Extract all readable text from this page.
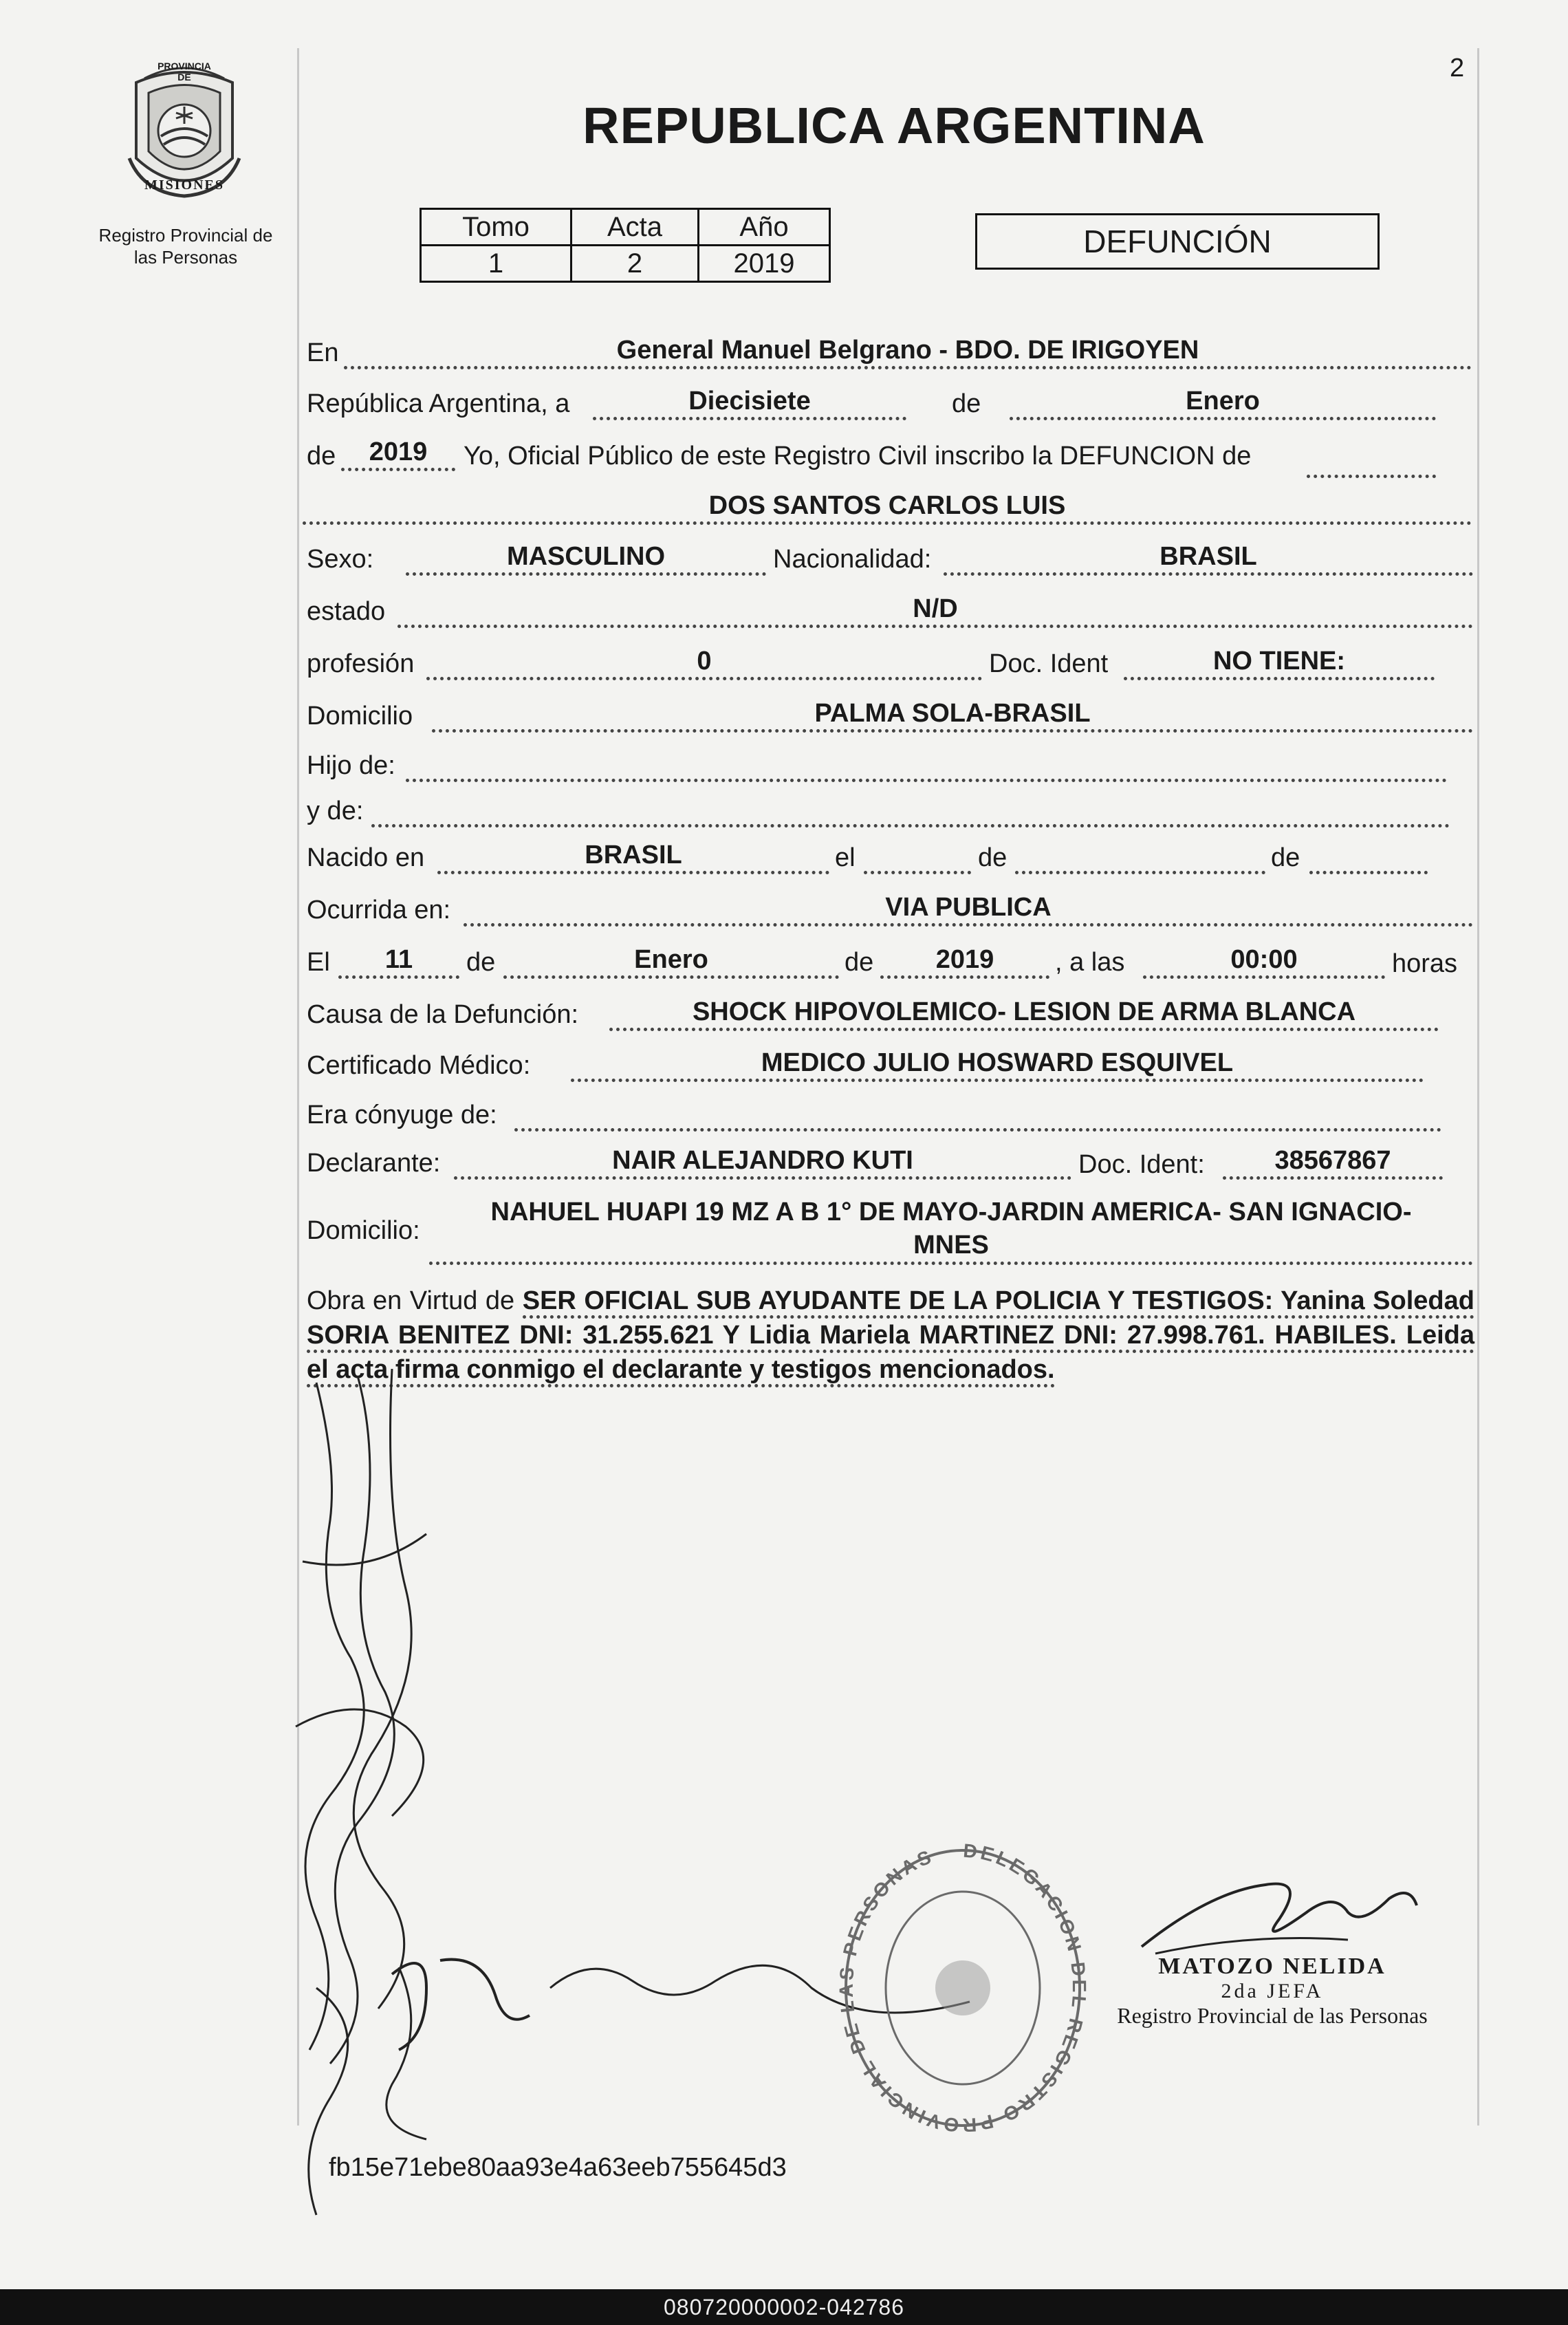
2
PROVINCIA DE
MISIONES
Registro Provincial de
las Personas
REPUBLICA ARGENTINA
Tomo	Acta	Año
1	2	2019
DEFUNCIÓN
En	General Manuel Belgrano - BDO. DE IRIGOYEN
República Argentina, a	Diecisiete	de	Enero
de	2019	Yo, Oficial Público de este Registro Civil inscribo la DEFUNCION de
DOS SANTOS CARLOS LUIS
Sexo:	MASCULINO	Nacionalidad:	BRASIL
estado	N/D
profesión	0	Doc. Ident	NO TIENE:
Domicilio	PALMA SOLA-BRASIL
Hijo de:
y de:
Nacido en	BRASIL	el	de	de
Ocurrida en:	VIA PUBLICA
El	11	de	Enero	de	2019	, a las	00:00	horas
Causa de la Defunción:	SHOCK HIPOVOLEMICO- LESION DE ARMA BLANCA
Certificado Médico:	MEDICO JULIO HOSWARD ESQUIVEL
Era cónyuge de:
Declarante:	NAIR ALEJANDRO KUTI	Doc. Ident:	38567867
Domicilio:
NAHUEL HUAPI 19 MZ A B 1° DE MAYO-JARDIN AMERICA- SAN IGNACIO-
MNES
Obra en Virtud de SER OFICIAL SUB AYUDANTE DE LA POLICIA Y TESTIGOS: Yanina Soledad SORIA BENITEZ DNI: 31.255.621 Y Lidia Mariela MARTINEZ DNI: 27.998.761. HABILES. Leida el acta firma conmigo el declarante y testigos mencionados.
DELEGACION DEL REGISTRO PROVINCIAL DE LAS PERSONAS
MATOZO NELIDA
2da JEFA
Registro Provincial de las Personas
fb15e71ebe80aa93e4a63eeb755645d3
080720000002-042786
